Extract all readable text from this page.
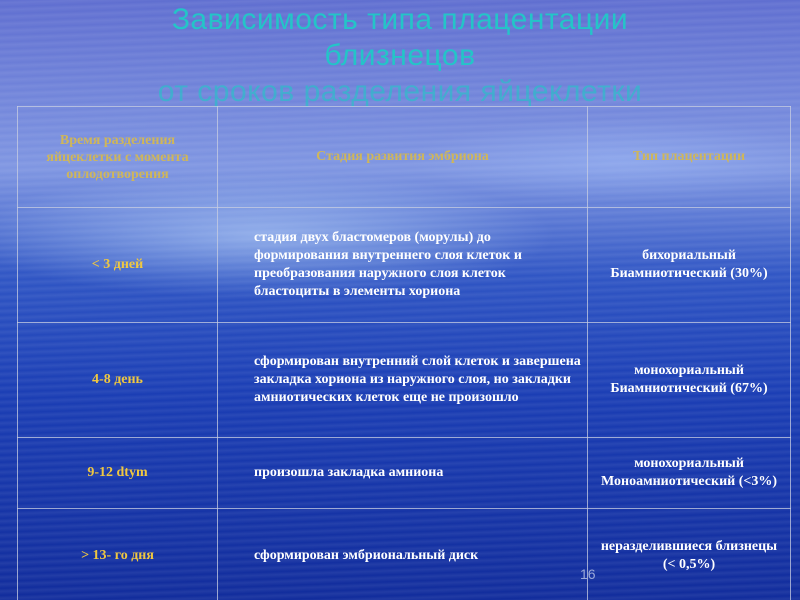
Зависимость типа плацентации
близнецов
от сроков разделения яйцеклетки
Время разделения яйцеклетки с момента оплодотворения	Стадия развития эмбриона	Тип плацентации
< 3 дней	стадия двух бластомеров (морулы) до формирования внутреннего слоя клеток и преобразования наружного слоя клеток бластоциты в элементы хориона	бихориальный Биамниотический (30%)
4-8 день	сформирован внутренний слой клеток и завершена закладка хориона из наружного слоя, но закладки амниотических клеток еще не произошло	монохориальный Биамниотический (67%)
9-12 dtym	произошла закладка амниона	монохориальный Моноамниотический (<3%)
> 13- го дня	сформирован эмбриональный диск	неразделившиеся близнецы (< 0,5%)
16
